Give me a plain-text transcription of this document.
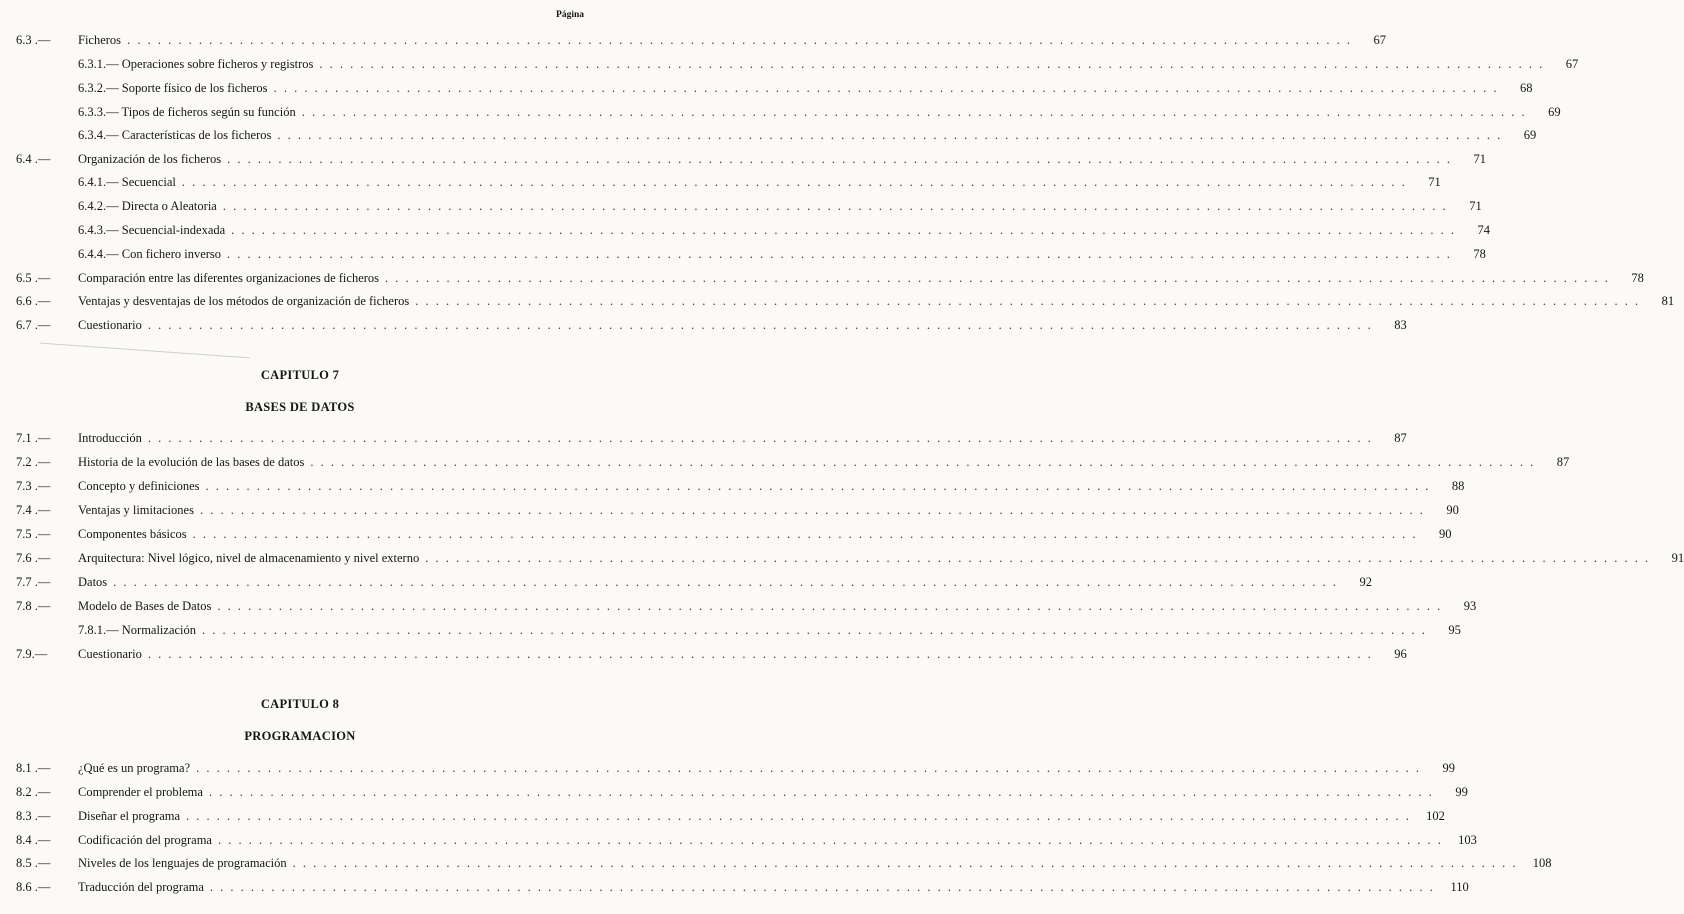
Página
6.3 .— Ficheros . . . . . . . . . . . . . . . . . . . . . . . . . . . . . . . . . . . . . . . . . . . . . . . . . . . . . . . . . . . . . . . . . . . . . . . . . . . . . . . . . . . . . . . . . . . . . . . . . . . . . . . . . . . . . . . . . . . . . . . .	67
6.3.1.— Operaciones sobre ficheros y registros . . . . . . . . . . . . . . . . . . . . . . . . . . . . . . . . . . . . . . . . . . . . . . . . . . . . . . . . . . . . . . . . . . . . . . . . . . . . . . . . . . . . . . . . . . . . . . . . . . . . . . . . . . . . . . . . . . . . . . . .	67
6.3.2.— Soporte físico de los ficheros . . . . . . . . . . . . . . . . . . . . . . . . . . . . . . . . . . . . . . . . . . . . . . . . . . . . . . . . . . . . . . . . . . . . . . . . . . . . . . . . . . . . . . . . . . . . . . . . . . . . . . . . . . . . . . . . . . . . . . . .	68
6.3.3.— Tipos de ficheros según su función . . . . . . . . . . . . . . . . . . . . . . . . . . . . . . . . . . . . . . . . . . . . . . . . . . . . . . . . . . . . . . . . . . . . . . . . . . . . . . . . . . . . . . . . . . . . . . . . . . . . . . . . . . . . . . . . . . . . . . . .	69
6.3.4.— Características de los ficheros . . . . . . . . . . . . . . . . . . . . . . . . . . . . . . . . . . . . . . . . . . . . . . . . . . . . . . . . . . . . . . . . . . . . . . . . . . . . . . . . . . . . . . . . . . . . . . . . . . . . . . . . . . . . . . . . . . . . . . . .	69
6.4 .— Organización de los ficheros . . . . . . . . . . . . . . . . . . . . . . . . . . . . . . . . . . . . . . . . . . . . . . . . . . . . . . . . . . . . . . . . . . . . . . . . . . . . . . . . . . . . . . . . . . . . . . . . . . . . . . . . . . . . . . . . . . . . . . . .	71
6.4.1.— Secuencial . . . . . . . . . . . . . . . . . . . . . . . . . . . . . . . . . . . . . . . . . . . . . . . . . . . . . . . . . . . . . . . . . . . . . . . . . . . . . . . . . . . . . . . . . . . . . . . . . . . . . . . . . . . . . . . . . . . . . . . .	71
6.4.2.— Directa o Aleatoria . . . . . . . . . . . . . . . . . . . . . . . . . . . . . . . . . . . . . . . . . . . . . . . . . . . . . . . . . . . . . . . . . . . . . . . . . . . . . . . . . . . . . . . . . . . . . . . . . . . . . . . . . . . . . . . . . . . . . . . .	71
6.4.3.— Secuencial-indexada . . . . . . . . . . . . . . . . . . . . . . . . . . . . . . . . . . . . . . . . . . . . . . . . . . . . . . . . . . . . . . . . . . . . . . . . . . . . . . . . . . . . . . . . . . . . . . . . . . . . . . . . . . . . . . . . . . . . . . . .	74
6.4.4.— Con fichero inverso . . . . . . . . . . . . . . . . . . . . . . . . . . . . . . . . . . . . . . . . . . . . . . . . . . . . . . . . . . . . . . . . . . . . . . . . . . . . . . . . . . . . . . . . . . . . . . . . . . . . . . . . . . . . . . . . . . . . . . . .	78
6.5 .— Comparación entre las diferentes organizaciones de ficheros . . . . . . . . . . . . . . . . . . . . . . . . . . . . . . . . . . . . . . . . . . . . . . . . . . . . . . . . . . . . . . . . . . . . . . . . . . . . . . . . . . . . . . . . . . . . . . . . . . . . . . . . . . . . . . . . . . . . . . . .	78
6.6 .— Ventajas y desventajas de los métodos de organización de ficheros . . . . . . . . . . . . . . . . . . . . . . . . . . . . . . . . . . . . . . . . . . . . . . . . . . . . . . . . . . . . . . . . . . . . . . . . . . . . . . . . . . . . . . . . . . . . . . . . . . . . . . . . . . . . . . . . . . . . . . . .	81
6.7 .— Cuestionario . . . . . . . . . . . . . . . . . . . . . . . . . . . . . . . . . . . . . . . . . . . . . . . . . . . . . . . . . . . . . . . . . . . . . . . . . . . . . . . . . . . . . . . . . . . . . . . . . . . . . . . . . . . . . . . . . . . . . . . .	83
CAPITULO 7
BASES DE DATOS
7.1 .— Introducción . . . . . . . . . . . . . . . . . . . . . . . . . . . . . . . . . . . . . . . . . . . . . . . . . . . . . . . . . . . . . . . . . . . . . . . . . . . . . . . . . . . . . . . . . . . . . . . . . . . . . . . . . . . . . . . . . . . . . . . .	87
7.2 .— Historia de la evolución de las bases de datos . . . . . . . . . . . . . . . . . . . . . . . . . . . . . . . . . . . . . . . . . . . . . . . . . . . . . . . . . . . . . . . . . . . . . . . . . . . . . . . . . . . . . . . . . . . . . . . . . . . . . . . . . . . . . . . . . . . . . . . .	87
7.3 .— Concepto y definiciones . . . . . . . . . . . . . . . . . . . . . . . . . . . . . . . . . . . . . . . . . . . . . . . . . . . . . . . . . . . . . . . . . . . . . . . . . . . . . . . . . . . . . . . . . . . . . . . . . . . . . . . . . . . . . . . . . . . . . . . .	88
7.4 .— Ventajas y limitaciones . . . . . . . . . . . . . . . . . . . . . . . . . . . . . . . . . . . . . . . . . . . . . . . . . . . . . . . . . . . . . . . . . . . . . . . . . . . . . . . . . . . . . . . . . . . . . . . . . . . . . . . . . . . . . . . . . . . . . . . .	90
7.5 .— Componentes básicos . . . . . . . . . . . . . . . . . . . . . . . . . . . . . . . . . . . . . . . . . . . . . . . . . . . . . . . . . . . . . . . . . . . . . . . . . . . . . . . . . . . . . . . . . . . . . . . . . . . . . . . . . . . . . . . . . . . . . . . .	90
7.6 .— Arquitectura: Nivel lógico, nivel de almacenamiento y nivel externo . . . . . . . . . . . . . . . . . . . . . . . . . . . . . . . . . . . . . . . . . . . . . . . . . . . . . . . . . . . . . . . . . . . . . . . . . . . . . . . . . . . . . . . . . . . . . . . . . . . . . . . . . . . . . . . . . . . . . . . .	91
7.7 .— Datos . . . . . . . . . . . . . . . . . . . . . . . . . . . . . . . . . . . . . . . . . . . . . . . . . . . . . . . . . . . . . . . . . . . . . . . . . . . . . . . . . . . . . . . . . . . . . . . . . . . . . . . . . . . . . . . . . . . . . . . .	92
7.8 .— Modelo de Bases de Datos . . . . . . . . . . . . . . . . . . . . . . . . . . . . . . . . . . . . . . . . . . . . . . . . . . . . . . . . . . . . . . . . . . . . . . . . . . . . . . . . . . . . . . . . . . . . . . . . . . . . . . . . . . . . . . . . . . . . . . . .	93
7.8.1.— Normalización . . . . . . . . . . . . . . . . . . . . . . . . . . . . . . . . . . . . . . . . . . . . . . . . . . . . . . . . . . . . . . . . . . . . . . . . . . . . . . . . . . . . . . . . . . . . . . . . . . . . . . . . . . . . . . . . . . . . . . . .	95
7.9.— Cuestionario . . . . . . . . . . . . . . . . . . . . . . . . . . . . . . . . . . . . . . . . . . . . . . . . . . . . . . . . . . . . . . . . . . . . . . . . . . . . . . . . . . . . . . . . . . . . . . . . . . . . . . . . . . . . . . . . . . . . . . . .	96
CAPITULO 8
PROGRAMACION
8.1 .— ¿Qué es un programa? . . . . . . . . . . . . . . . . . . . . . . . . . . . . . . . . . . . . . . . . . . . . . . . . . . . . . . . . . . . . . . . . . . . . . . . . . . . . . . . . . . . . . . . . . . . . . . . . . . . . . . . . . . . . . . . . . . . . . . . .	99
8.2 .— Comprender el problema . . . . . . . . . . . . . . . . . . . . . . . . . . . . . . . . . . . . . . . . . . . . . . . . . . . . . . . . . . . . . . . . . . . . . . . . . . . . . . . . . . . . . . . . . . . . . . . . . . . . . . . . . . . . . . . . . . . . . . . .	99
8.3 .— Diseñar el programa . . . . . . . . . . . . . . . . . . . . . . . . . . . . . . . . . . . . . . . . . . . . . . . . . . . . . . . . . . . . . . . . . . . . . . . . . . . . . . . . . . . . . . . . . . . . . . . . . . . . . . . . . . . . . . . . . . . . . . . .	102
8.4 .— Codificación del programa . . . . . . . . . . . . . . . . . . . . . . . . . . . . . . . . . . . . . . . . . . . . . . . . . . . . . . . . . . . . . . . . . . . . . . . . . . . . . . . . . . . . . . . . . . . . . . . . . . . . . . . . . . . . . . . . . . . . . . . .	103
8.5 .— Niveles de los lenguajes de programación . . . . . . . . . . . . . . . . . . . . . . . . . . . . . . . . . . . . . . . . . . . . . . . . . . . . . . . . . . . . . . . . . . . . . . . . . . . . . . . . . . . . . . . . . . . . . . . . . . . . . . . . . . . . . . . . . . . . . . . .	108
8.6 .— Traducción del programa . . . . . . . . . . . . . . . . . . . . . . . . . . . . . . . . . . . . . . . . . . . . . . . . . . . . . . . . . . . . . . . . . . . . . . . . . . . . . . . . . . . . . . . . . . . . . . . . . . . . . . . . . . . . . . . . . . . . . . . .	110
